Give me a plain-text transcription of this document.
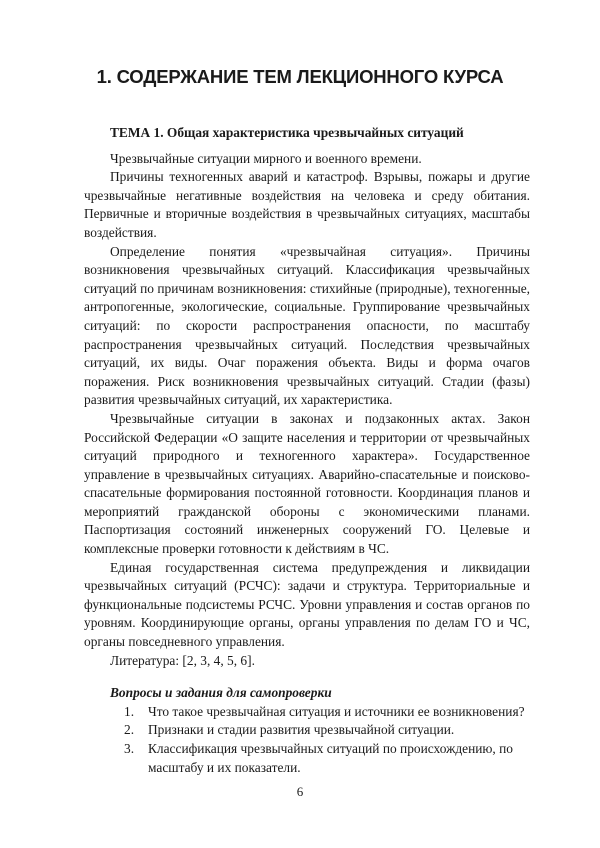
1. СОДЕРЖАНИЕ ТЕМ ЛЕКЦИОННОГО КУРСА
ТЕМА 1. Общая характеристика чрезвычайных ситуаций

Чрезвычайные ситуации мирного и военного времени.

Причины техногенных аварий и катастроф. Взрывы, пожары и другие чрезвычайные негативные воздействия на человека и среду обитания. Первичные и вторичные воздействия в чрезвычайных ситуациях, масштабы воздействия.

Определение понятия «чрезвычайная ситуация». Причины возникновения чрезвычайных ситуаций. Классификация чрезвычайных ситуаций по причинам возникновения: стихийные (природные), техногенные, антропогенные, экологические, социальные. Группирование чрезвычайных ситуаций: по скорости распространения опасности, по масштабу распространения чрезвычайных ситуаций. Последствия чрезвычайных ситуаций, их виды. Очаг поражения объекта. Виды и форма очагов поражения. Риск возникновения чрезвычайных ситуаций. Стадии (фазы) развития чрезвычайных ситуаций, их характеристика.

Чрезвычайные ситуации в законах и подзаконных актах. Закон Российской Федерации «О защите населения и территории от чрезвычайных ситуаций природного и техногенного характера». Государственное управление в чрезвычайных ситуациях. Аварийно-спасательные и поисково-спасательные формирования постоянной готовности. Координация планов и мероприятий гражданской обороны с экономическими планами. Паспортизация состояний инженерных сооружений ГО. Целевые и комплексные проверки готовности к действиям в ЧС.

Единая государственная система предупреждения и ликвидации чрезвычайных ситуаций (РСЧС): задачи и структура. Территориальные и функциональные подсистемы РСЧС. Уровни управления и состав органов по уровням. Координирующие органы, органы управления по делам ГО и ЧС, органы повседневного управления.

Литература: [2, 3, 4, 5, 6].

Вопросы и задания для самопроверки
1.	Что такое чрезвычайная ситуация и источники ее возникновения?
2.	Признаки и стадии развития чрезвычайной ситуации.
3.	Классификация чрезвычайных ситуаций по происхождению, по масштабу и их показатели.
6
